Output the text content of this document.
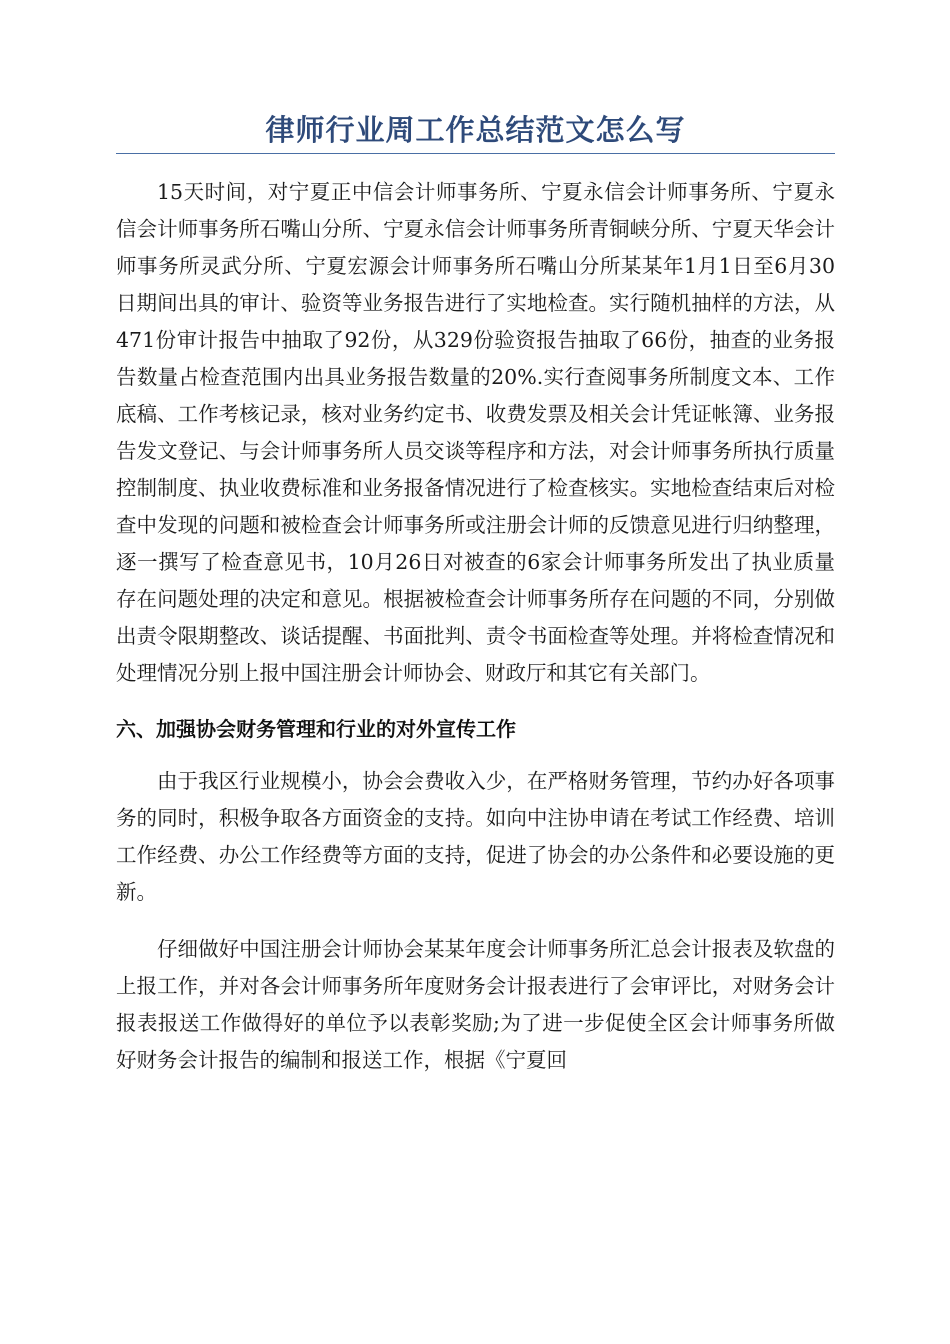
律师行业周工作总结范文怎么写

15天时间，对宁夏正中信会计师事务所、宁夏永信会计师事务所、宁夏永信会计师事务所石嘴山分所、宁夏永信会计师事务所青铜峡分所、宁夏天华会计师事务所灵武分所、宁夏宏源会计师事务所石嘴山分所某某年1月1日至6月30日期间出具的审计、验资等业务报告进行了实地检查。实行随机抽样的方法，从471份审计报告中抽取了92份，从329份验资报告抽取了66份，抽查的业务报告数量占检查范围内出具业务报告数量的20%.实行查阅事务所制度文本、工作底稿、工作考核记录，核对业务约定书、收费发票及相关会计凭证帐簿、业务报告发文登记、与会计师事务所人员交谈等程序和方法，对会计师事务所执行质量控制制度、执业收费标准和业务报备情况进行了检查核实。实地检查结束后对检查中发现的问题和被检查会计师事务所或注册会计师的反馈意见进行归纳整理，逐一撰写了检查意见书，10月26日对被查的6家会计师事务所发出了执业质量存在问题处理的决定和意见。根据被检查会计师事务所存在问题的不同，分别做出责令限期整改、谈话提醒、书面批判、责令书面检查等处理。并将检查情况和处理情况分别上报中国注册会计师协会、财政厅和其它有关部门。

六、加强协会财务管理和行业的对外宣传工作

由于我区行业规模小，协会会费收入少，在严格财务管理，节约办好各项事务的同时，积极争取各方面资金的支持。如向中注协申请在考试工作经费、培训工作经费、办公工作经费等方面的支持，促进了协会的办公条件和必要设施的更新。

仔细做好中国注册会计师协会某某年度会计师事务所汇总会计报表及软盘的上报工作，并对各会计师事务所年度财务会计报表进行了会审评比，对财务会计报表报送工作做得好的单位予以表彰奖励;为了进一步促使全区会计师事务所做好财务会计报告的编制和报送工作，根据《宁夏回
